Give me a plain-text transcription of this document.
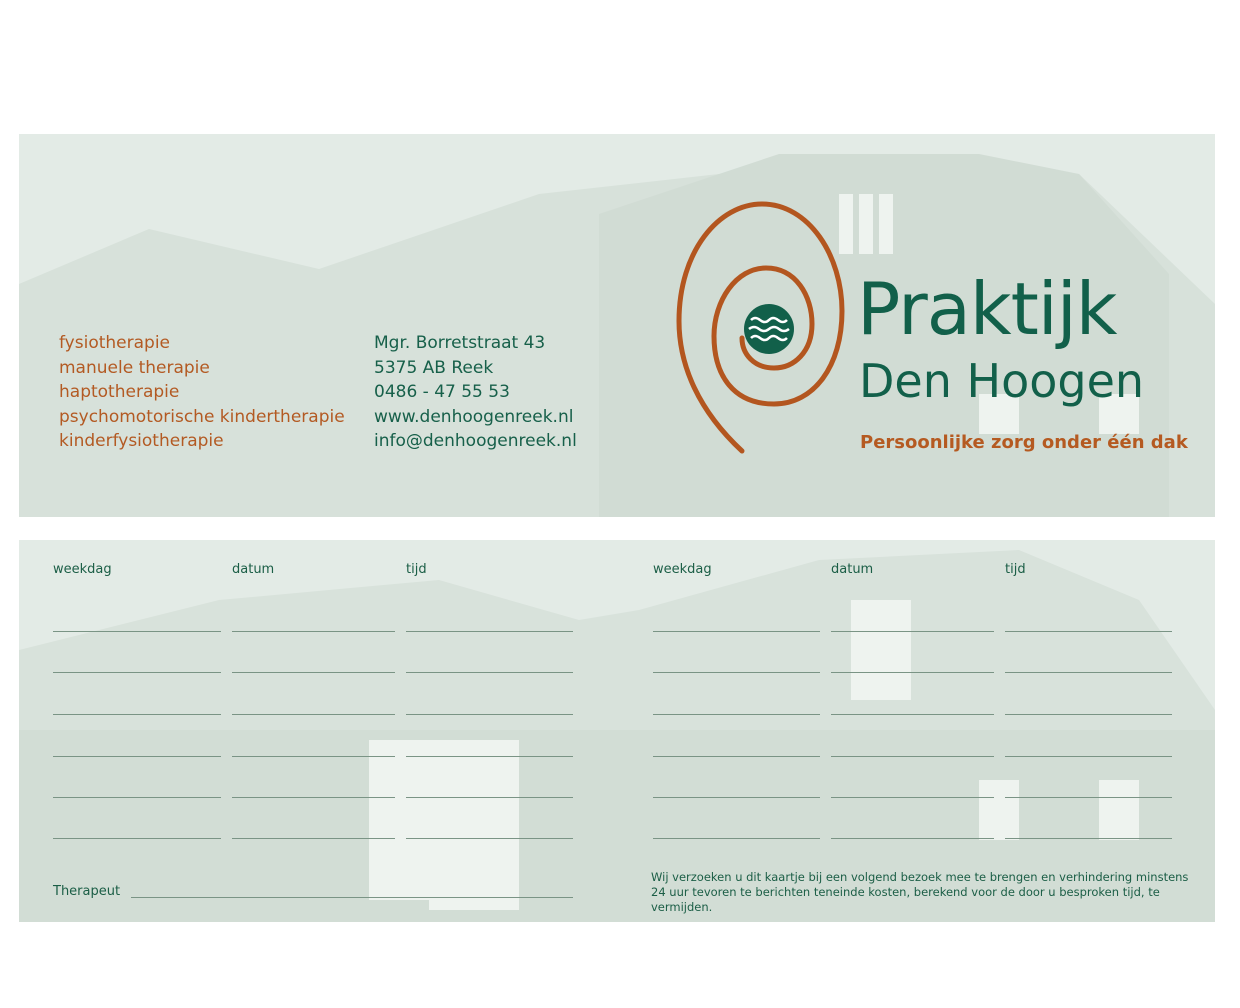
fysiotherapie
manuele therapie
haptotherapie
psychomotorische kindertherapie
kinderfysiotherapie
Mgr. Borretstraat 43
5375 AB Reek
0486 - 47 55 53
www.denhoogenreek.nl
info@denhoogenreek.nl
Praktijk
Den Hoogen
Persoonlijke zorg onder één dak
weekdag	datum	tijd	weekdag	datum	tijd
Therapeut
Wij verzoeken u dit kaartje bij een volgend bezoek mee te brengen en verhindering minstens 24 uur tevoren te berichten teneinde kosten, berekend voor de door u besproken tijd, te vermijden.
